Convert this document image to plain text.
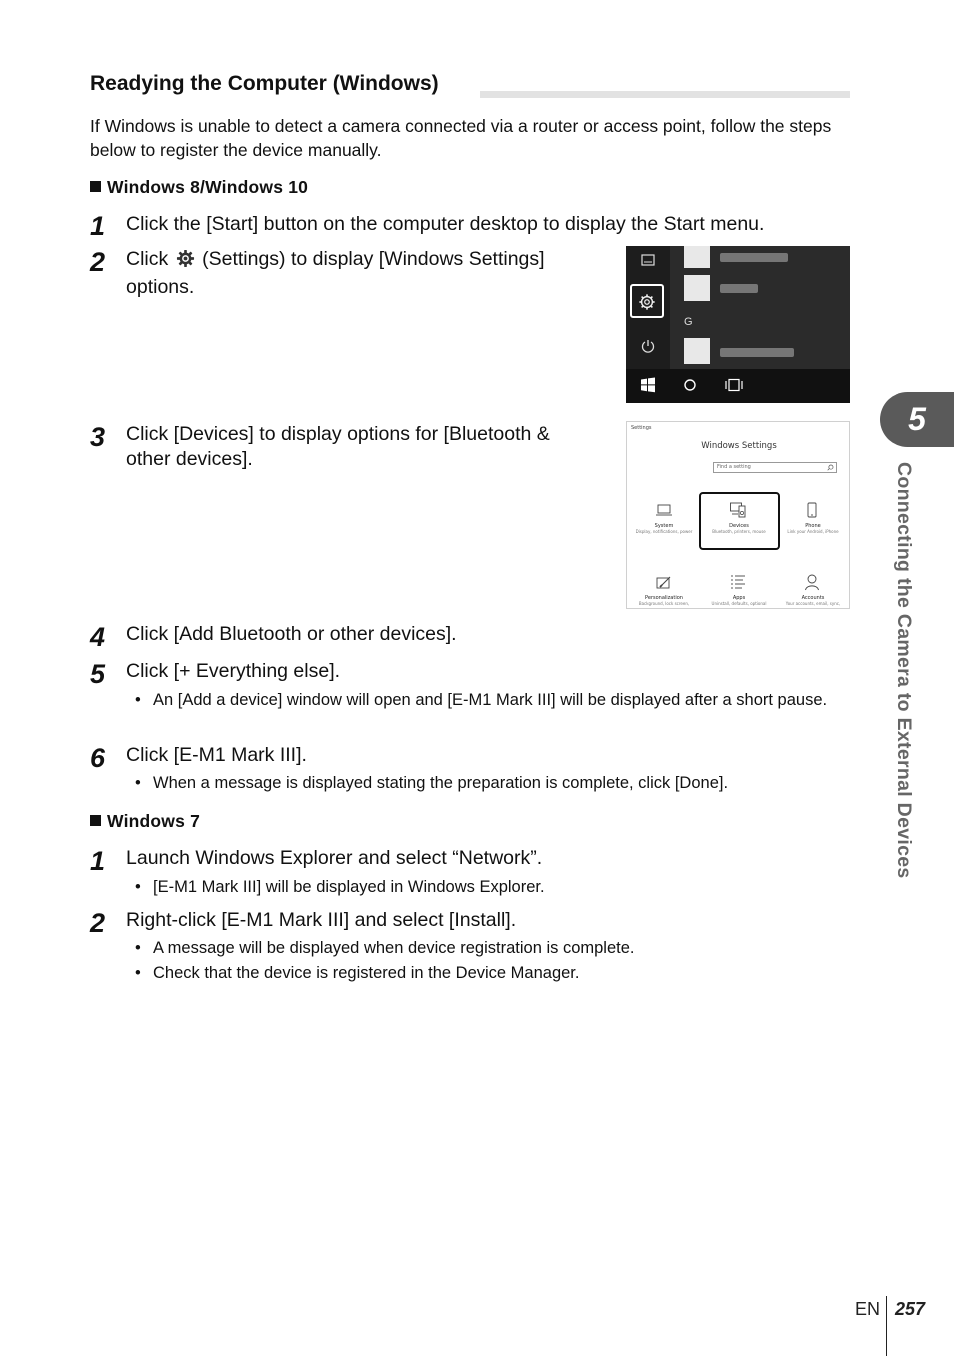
Readying the Computer (Windows)
If Windows is unable to detect a camera connected via a router or access point, follow the steps below to register the device manually.
Windows 8/Windows 10
1	Click the [Start] button on the computer desktop to display the Start menu.
2	Click (Settings) to display [Windows Settings]
options.
G
3	Click [Devices] to display options for [Bluetooth &
other devices].
Settings
Windows Settings
Find a setting
System
Display, notifications, power
Devices
Bluetooth, printers, mouse
Phone
Link your Android, iPhone
Personalization
Background, lock screen,
Apps
Uninstall, defaults, optional
Accounts
Your accounts, email, sync,
4	Click [Add Bluetooth or other devices].
5	Click [+ Everything else].
• An [Add a device] window will open and [E-M1 Mark III] will be displayed after a short pause.
6	Click [E-M1 Mark III].
• When a message is displayed stating the preparation is complete, click [Done].
Windows 7
1	Launch Windows Explorer and select “Network”.
• [E-M1 Mark III] will be displayed in Windows Explorer.
2	Right-click [E-M1 Mark III] and select [Install].
• A message will be displayed when device registration is complete.
• Check that the device is registered in the Device Manager.
5
Connecting the Camera to External Devices
EN 257
